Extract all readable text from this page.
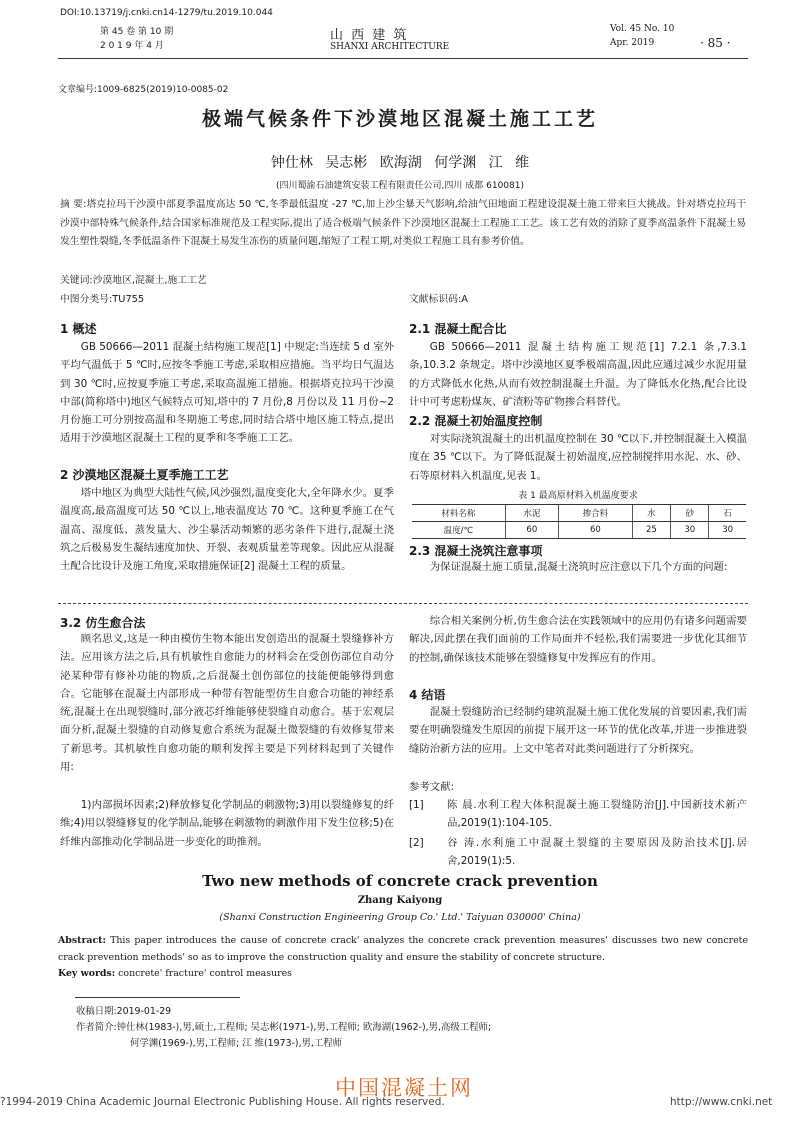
DOI:10.13719/j.cnki.cn14-1279/tu.2019.10.044
第 45 卷 第 10 期
2 0 1 9 年 4 月
山 西 建 筑
SHANXI ARCHITECTURE
Vol. 45 No. 10
Apr. 2019	· 85 ·
文章编号:1009-6825(2019)10-0085-02
极端气候条件下沙漠地区混凝土施工工艺
钟仕林 吴志彬 欧海湖 何学渊 江 维
(四川蜀渝石油建筑安装工程有限责任公司,四川 成都 610081)
摘 要:塔克拉玛干沙漠中部夏季温度高达 50 ℃,冬季最低温度 -27 ℃,加上沙尘暴天气影响,给油气田地面工程建设混凝土施工带来巨大挑战。针对塔克拉玛干沙漠中部特殊气候条件,结合国家标准规范及工程实际,提出了适合极端气候条件下沙漠地区混凝土工程施工工艺。该工艺有效的消除了夏季高温条件下混凝土易发生塑性裂缝,冬季低温条件下混凝土易发生冻伤的质量问题,缩短了工程工期,对类似工程施工具有参考价值。
关键词:沙漠地区,混凝土,施工工艺
中图分类号:TU755	文献标识码:A
1 概述
GB 50666—2011 混凝土结构施工规范[1] 中规定:当连续 5 d 室外平均气温低于 5 ℃时,应按冬季施工考虑,采取相应措施。当平均日气温达到 30 ℃时,应按夏季施工考虑,采取高温施工措施。根据塔克拉玛干沙漠中部(简称塔中)地区气候特点可知,塔中的 7 月份,8 月份以及 11 月份~2 月份施工可分别按高温和冬期施工考虑,同时结合塔中地区施工特点,提出适用于沙漠地区混凝土工程的夏季和冬季施工工艺。
2 沙漠地区混凝土夏季施工工艺
塔中地区为典型大陆性气候,风沙强烈,温度变化大,全年降水少。夏季温度高,最高温度可达 50 ℃以上,地表温度达 70 ℃。这种夏季施工在气温高、湿度低、蒸发量大、沙尘暴活动频繁的恶劣条件下进行,混凝土浇筑之后极易发生凝结速度加快、开裂、表观质量差等现象。因此应从混凝土配合比设计及施工角度,采取措施保证[2] 混凝土工程的质量。
2.1 混凝土配合比
GB 50666—2011 混凝土结构施工规范[1] 7.2.1 条,7.3.1 条,10.3.2 条规定。塔中沙漠地区夏季极端高温,因此应通过减少水泥用量的方式降低水化热,从而有效控制混凝土升温。为了降低水化热,配合比设计中可考虑粉煤灰、矿渣粉等矿物掺合料替代。
2.2 混凝土初始温度控制
对实际浇筑混凝土的出机温度控制在 30 ℃以下,并控制混凝土入模温度在 35 ℃以下。为了降低混凝土初始温度,应控制搅拌用水泥、水、砂、石等原材料入机温度,见表 1。
表 1 最高原材料入机温度要求
材料名称	水泥	掺合料	水	砂	石
温度/℃	60	60	25	30	30
2.3 混凝土浇筑注意事项
为保证混凝土施工质量,混凝土浇筑时应注意以下几个方面的问题:
3.2 仿生愈合法
顾名思义,这是一种由模仿生物本能出发创造出的混凝土裂缝修补方法。应用该方法之后,具有机敏性自愈能力的材料会在受创伤部位自动分泌某种带有修补功能的物质,之后混凝土创伤部位的技能便能够得到愈合。它能够在混凝土内部形成一种带有智能型仿生自愈合功能的神经系统,混凝土在出现裂缝时,部分液芯纤维能够使裂缝自动愈合。基于宏观层面分析,混凝土裂缝的自动修复愈合系统为混凝土微裂缝的有效修复带来了新思考。其机敏性自愈功能的顺利发挥主要是下列材料起到了关键作用:
1)内部损坏因素;2)释放修复化学制品的刺激物;3)用以裂缝修复的纤维;4)用以裂缝修复的化学制品,能够在刺激物的刺激作用下发生位移;5)在纤维内部推动化学制品进一步变化的助推剂。
综合相关案例分析,仿生愈合法在实践领域中的应用仍有诸多问题需要解决,因此摆在我们面前的工作局面并不轻松,我们需要进一步优化其细节的控制,确保该技术能够在裂缝修复中发挥应有的作用。
4 结语
混凝土裂缝防治已经制约建筑混凝土施工优化发展的首要因素,我们需要在明确裂缝发生原因的前提下展开这一环节的优化改革,并进一步推进裂缝防治新方法的应用。上文中笔者对此类问题进行了分析探究。
参考文献:
[1]	陈 晨.水利工程大体积混凝土施工裂缝防治[J].中国新技术新产品,2019(1):104-105.
[2]	谷 涛.水利施工中混凝土裂缝的主要原因及防治技术[J].居舍,2019(1):5.
Two new methods of concrete crack prevention
Zhang Kaiyong
(Shanxi Construction Engineering Group Co.' Ltd.' Taiyuan 030000' China)
Abstract: This paper introduces the cause of concrete crack' analyzes the concrete crack prevention measures' discusses two new concrete crack prevention methods' so as to improve the construction quality and ensure the stability of concrete structure.
Key words: concrete' fracture' control measures
收稿日期:2019-01-29
作者简介:钟仕林(1983-),男,硕士,工程师; 吴志彬(1971-),男,工程师; 欧海湖(1962-),男,高级工程师;
何学渊(1969-),男,工程师; 江 维(1973-),男,工程师
中国混凝土网
?1994-2019 China Academic Journal Electronic Publishing House. All rights reserved.	http://www.cnki.net
